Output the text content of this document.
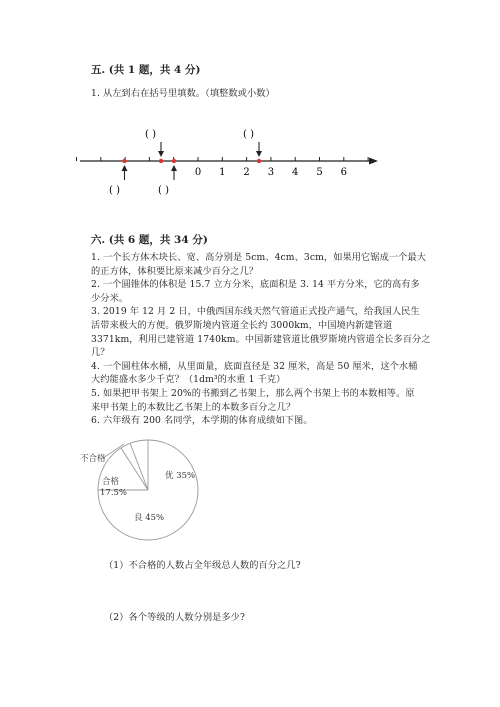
五. (共 1 题，共 4 分)
1. 从左到右在括号里填数。（填整数或小数）
0 1 2 3 4 5 6
( )	( )
( )	( )
六. (共 6 题，共 34 分)
1. 一个长方体木块长、宽、高分别是 5cm、4cm、3cm，如果用它锯成一个最大
的正方体，体积要比原来减少百分之几？
2. 一个圆锥体的体积是 15.7 立方分米，底面积是 3. 14 平方分米，它的高有多
少分米。
3. 2019 年 12 月 2 日，中俄西国东线天然气管道正式投产通气，给我国人民生
活带来极大的方便。俄罗斯境内管道全长约 3000km，中国境内新建管道
3371km，利用已建管道 1740km。中国新建管道比俄罗斯境内管道全长多百分之
几？
4. 一个圆柱体水桶，从里面量，底面直径是 32 厘米，高是 50 厘米，这个水桶
大约能盛水多少千克？（1dm³的水重 1 千克）
5. 如果把甲书架上 20%的书搬到乙书架上，那么两个书架上书的本数相等。原
来甲书架上的本数比乙书架上的本数多百分之几？
6. 六年级有 200 名同学，本学期的体育成绩如下图。
不合格
合格
17.5%
优 35%
良 45%
（1）不合格的人数占全年级总人数的百分之几?
（2）各个等级的人数分别是多少?
